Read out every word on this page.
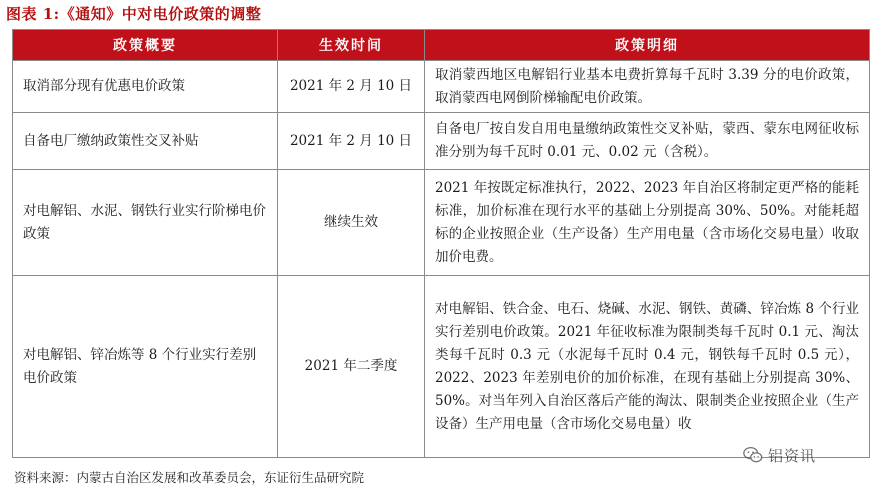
图表 1:《通知》中对电价政策的调整
政策概要	生效时间	政策明细
取消部分现有优惠电价政策	2021 年 2 月 10 日	取消蒙西地区电解铝行业基本电费折算每千瓦时 3.39 分的电价政策，取消蒙西电网倒阶梯输配电价政策。
自备电厂缴纳政策性交叉补贴	2021 年 2 月 10 日	自备电厂按自发自用电量缴纳政策性交叉补贴，蒙西、蒙东电网征收标准分别为每千瓦时 0.01 元、0.02 元（含税）。
对电解铝、水泥、钢铁行业实行阶梯电价政策	继续生效	2021 年按既定标准执行，2022、2023 年自治区将制定更严格的能耗标准，加价标准在现行水平的基础上分别提高 30%、50%。对能耗超标的企业按照企业（生产设备）生产用电量（含市场化交易电量）收取加价电费。
对电解铝、锌冶炼等 8 个行业实行差别电价政策	2021 年二季度	对电解铝、铁合金、电石、烧碱、水泥、钢铁、黄磷、锌冶炼 8 个行业实行差别电价政策。2021 年征收标准为限制类每千瓦时 0.1 元、淘汰类每千瓦时 0.3 元（水泥每千瓦时 0.4 元，钢铁每千瓦时 0.5 元），2022、2023 年差别电价的加价标准，在现有基础上分别提高 30%、50%。对当年列入自治区落后产能的淘汰、限制类企业按照企业（生产设备）生产用电量（含市场化交易电量）收
铝资讯
资料来源：内蒙古自治区发展和改革委员会，东证衍生品研究院
